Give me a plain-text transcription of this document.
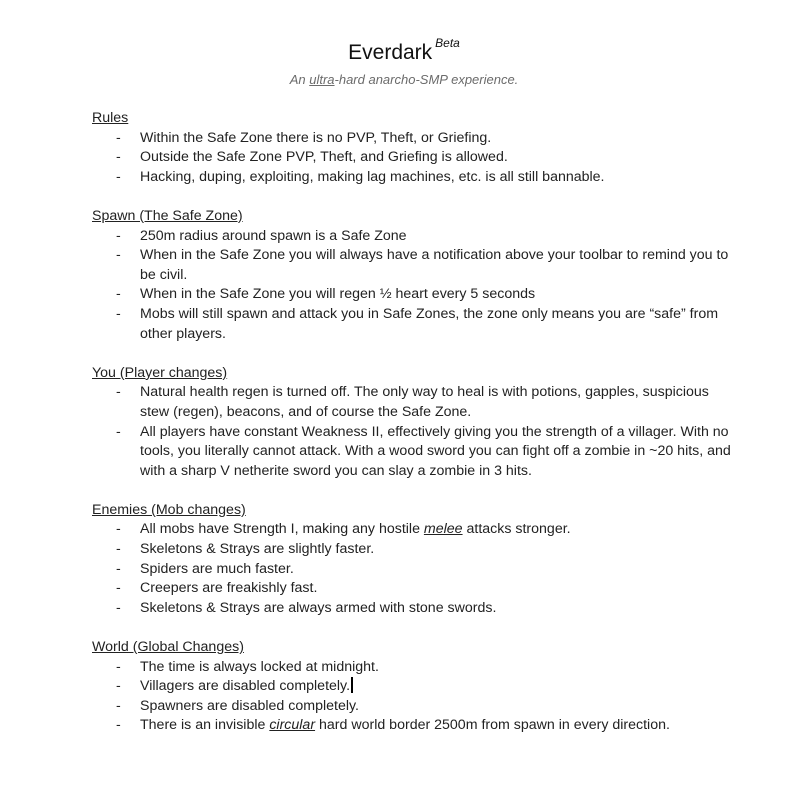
Everdark $^{Beta}$
An ultra-hard anarcho-SMP experience.
Rules
- Within the Safe Zone there is no PVP, Theft, or Griefing.
- Outside the Safe Zone PVP, Theft, and Griefing is allowed.
- Hacking, duping, exploiting, making lag machines, etc. is all still bannable.
Spawn (The Safe Zone)
- 250m radius around spawn is a Safe Zone
- When in the Safe Zone you will always have a notification above your toolbar to remind you to be civil.
- When in the Safe Zone you will regen ½ heart every 5 seconds
- Mobs will still spawn and attack you in Safe Zones, the zone only means you are “safe” from other players.
You (Player changes)
- Natural health regen is turned off. The only way to heal is with potions, gapples, suspicious stew (regen), beacons, and of course the Safe Zone.
- All players have constant Weakness II, effectively giving you the strength of a villager. With no tools, you literally cannot attack. With a wood sword you can fight off a zombie in ~20 hits, and with a sharp V netherite sword you can slay a zombie in 3 hits.
Enemies (Mob changes)
- All mobs have Strength I, making any hostile melee attacks stronger.
- Skeletons & Strays are slightly faster.
- Spiders are much faster.
- Creepers are freakishly fast.
- Skeletons & Strays are always armed with stone swords.
World (Global Changes)
- The time is always locked at midnight.
- Villagers are disabled completely.
- Spawners are disabled completely.
- There is an invisible circular hard world border 2500m from spawn in every direction.
